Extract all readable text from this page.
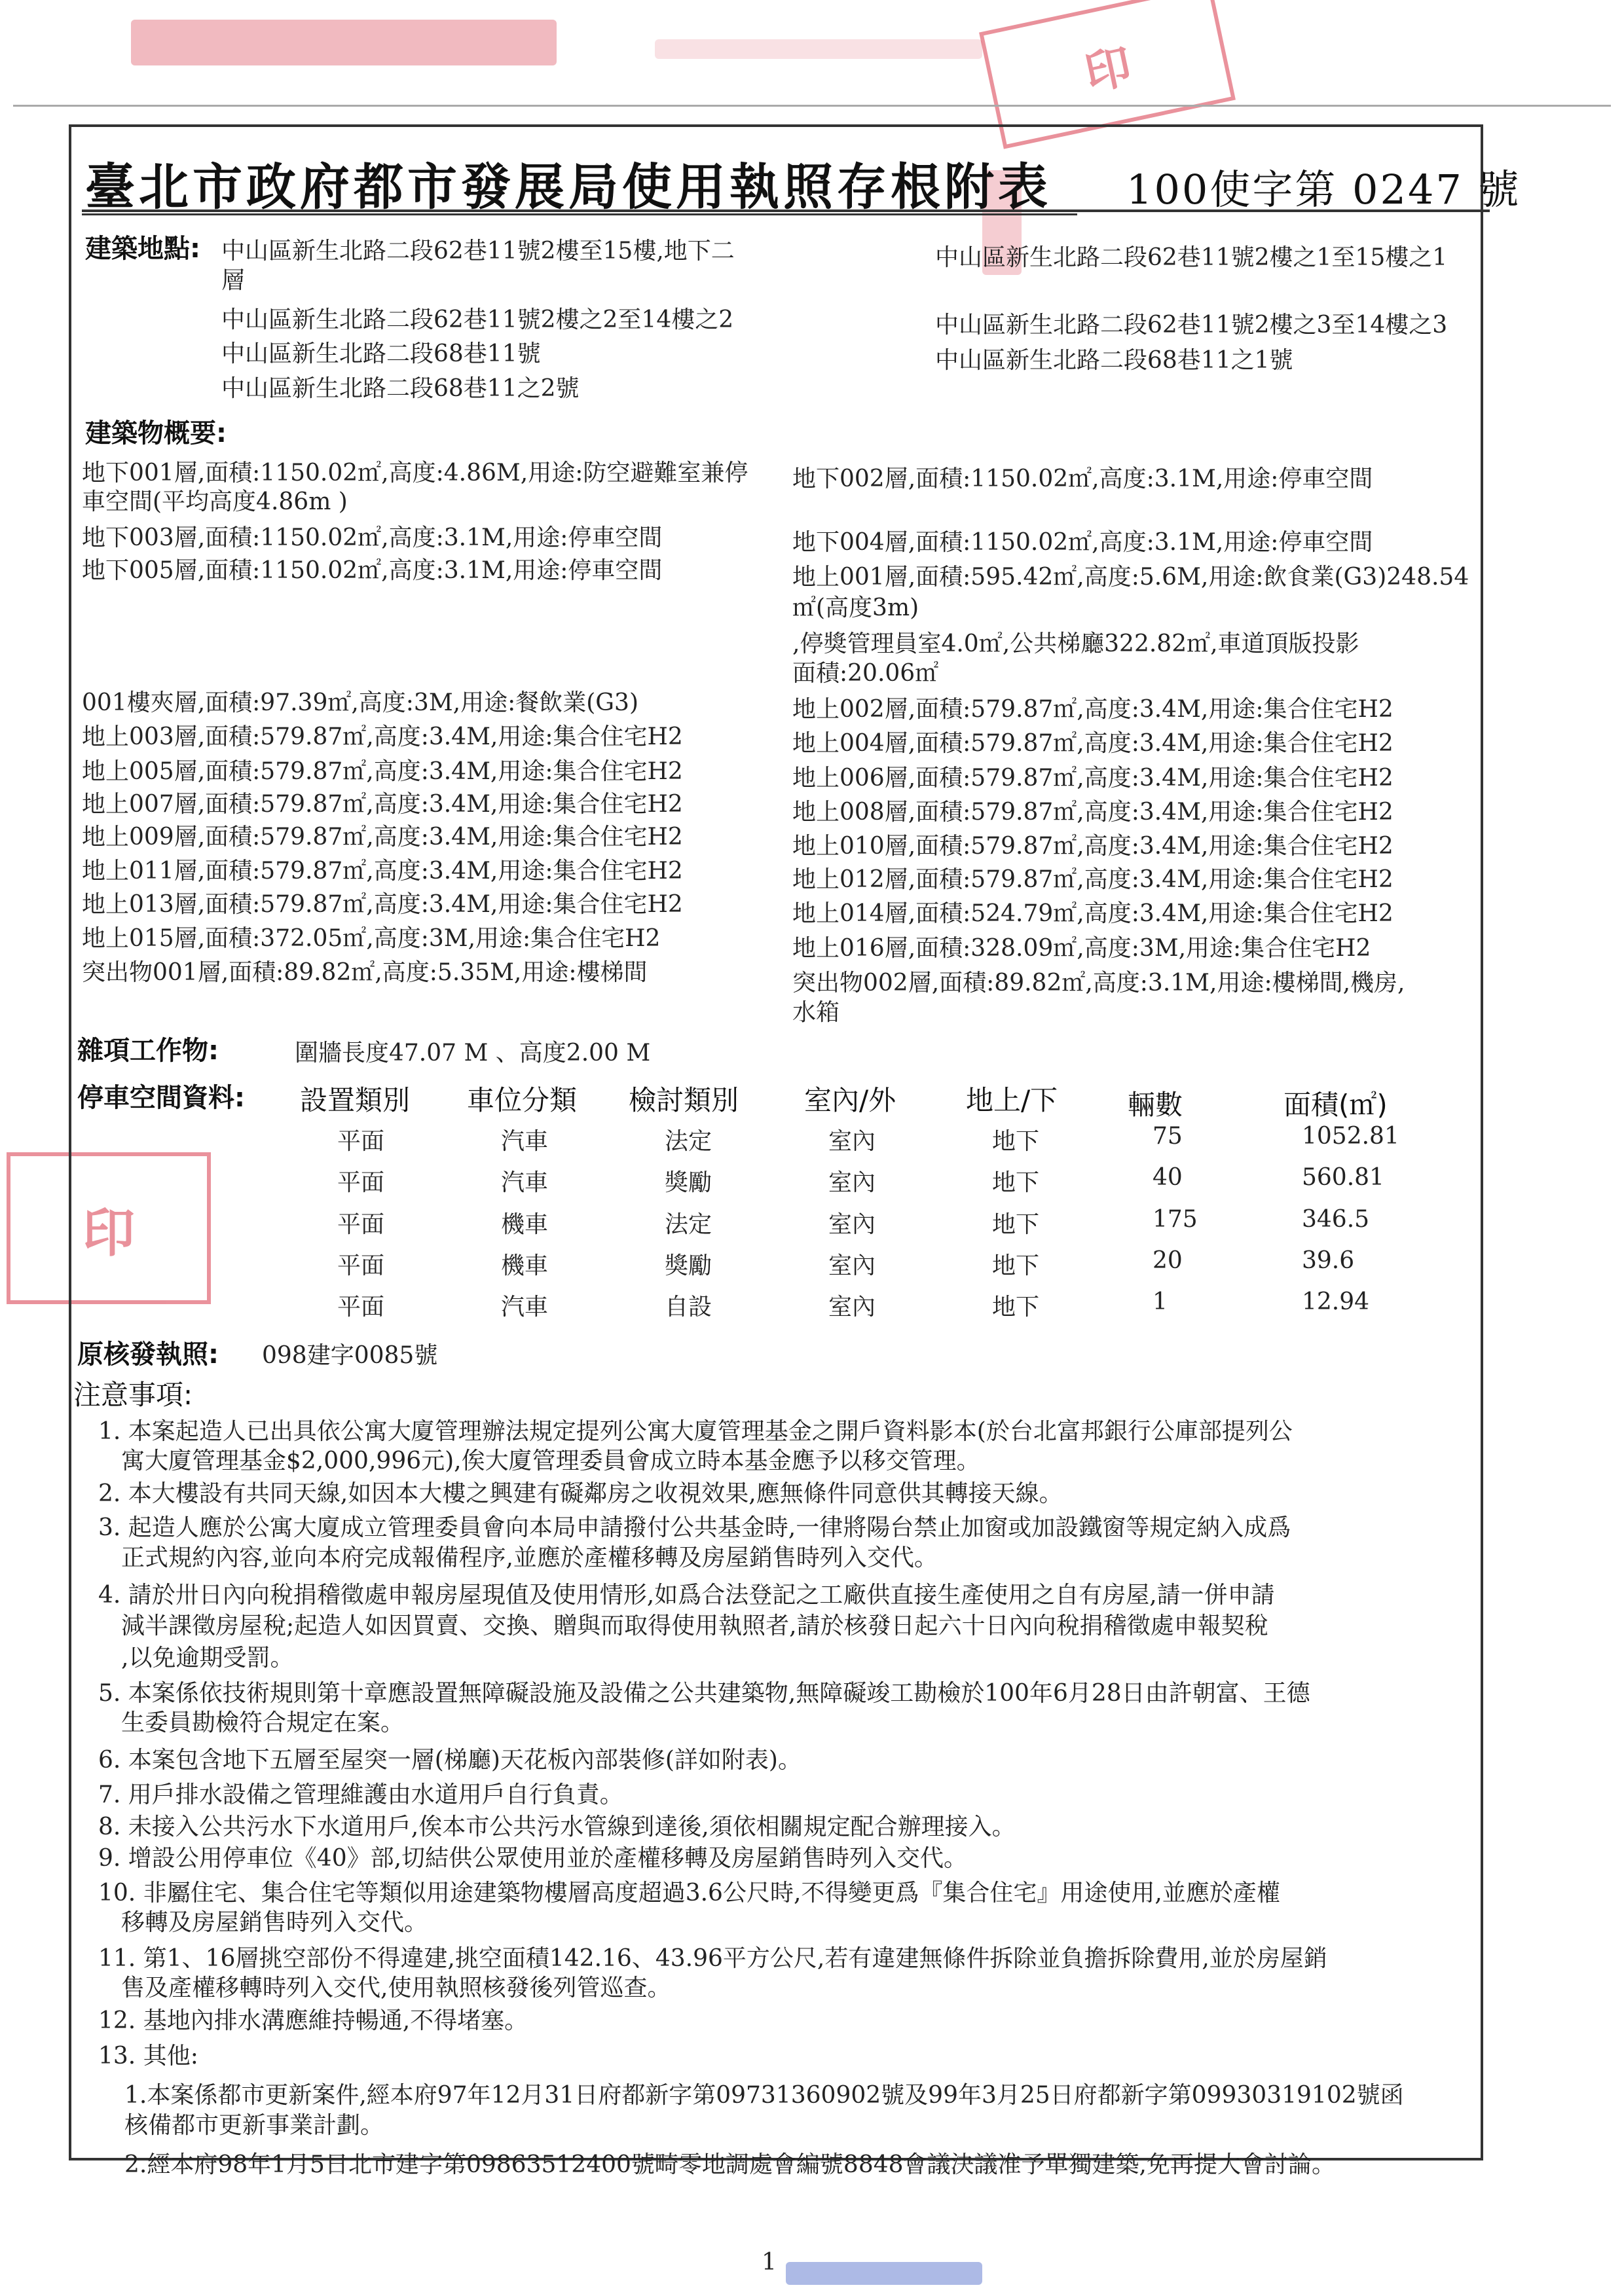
印
印
臺北市政府都市發展局使用執照存根附表 100使字第 0247 號
建築地點: 中山區新生北路二段62巷11號2樓至15樓,地下二
層
中山區新生北路二段62巷11號2樓之2至14樓之2
中山區新生北路二段68巷11號
中山區新生北路二段68巷11之2號
中山區新生北路二段62巷11號2樓之1至15樓之1
中山區新生北路二段62巷11號2樓之3至14樓之3
中山區新生北路二段68巷11之1號
建築物概要:
地下001層,面積:1150.02㎡,高度:4.86M,用途:防空避難室兼停
車空間(平均高度4.86m )
地下003層,面積:1150.02㎡,高度:3.1M,用途:停車空間
地下005層,面積:1150.02㎡,高度:3.1M,用途:停車空間
001樓夾層,面積:97.39㎡,高度:3M,用途:餐飲業(G3)
地上003層,面積:579.87㎡,高度:3.4M,用途:集合住宅H2
地上005層,面積:579.87㎡,高度:3.4M,用途:集合住宅H2
地上007層,面積:579.87㎡,高度:3.4M,用途:集合住宅H2
地上009層,面積:579.87㎡,高度:3.4M,用途:集合住宅H2
地上011層,面積:579.87㎡,高度:3.4M,用途:集合住宅H2
地上013層,面積:579.87㎡,高度:3.4M,用途:集合住宅H2
地上015層,面積:372.05㎡,高度:3M,用途:集合住宅H2
突出物001層,面積:89.82㎡,高度:5.35M,用途:樓梯間
地下002層,面積:1150.02㎡,高度:3.1M,用途:停車空間
地下004層,面積:1150.02㎡,高度:3.1M,用途:停車空間
地上001層,面積:595.42㎡,高度:5.6M,用途:飲食業(G3)248.54
㎡(高度3m)
,停獎管理員室4.0㎡,公共梯廳322.82㎡,車道頂版投影
面積:20.06㎡
地上002層,面積:579.87㎡,高度:3.4M,用途:集合住宅H2
地上004層,面積:579.87㎡,高度:3.4M,用途:集合住宅H2
地上006層,面積:579.87㎡,高度:3.4M,用途:集合住宅H2
地上008層,面積:579.87㎡,高度:3.4M,用途:集合住宅H2
地上010層,面積:579.87㎡,高度:3.4M,用途:集合住宅H2
地上012層,面積:579.87㎡,高度:3.4M,用途:集合住宅H2
地上014層,面積:524.79㎡,高度:3.4M,用途:集合住宅H2
地上016層,面積:328.09㎡,高度:3M,用途:集合住宅H2
突出物002層,面積:89.82㎡,高度:3.1M,用途:樓梯間,機房,
水箱
雜項工作物:	圍牆長度47.07 M 、高度2.00 M
停車空間資料: 設置類別 車位分類 檢討類別 室內/外	地上/下	輛數	面積(㎡)
平面	汽車	法定	室內	地下	75	1052.81
平面	汽車	獎勵	室內	地下	40	560.81
平面	機車	法定	室內	地下	175	346.5
平面	機車	獎勵	室內	地下	20	39.6
平面	汽車	自設	室內	地下	1	12.94
原核發執照: 098建字0085號
注意事項:
1. 本案起造人已出具依公寓大廈管理辦法規定提列公寓大廈管理基金之開戶資料影本(於台北富邦銀行公庫部提列公
寓大廈管理基金$2,000,996元),俟大廈管理委員會成立時本基金應予以移交管理。
2. 本大樓設有共同天線,如因本大樓之興建有礙鄰房之收視效果,應無條件同意供其轉接天線。
3. 起造人應於公寓大廈成立管理委員會向本局申請撥付公共基金時,一律將陽台禁止加窗或加設鐵窗等規定納入成爲
正式規約內容,並向本府完成報備程序,並應於產權移轉及房屋銷售時列入交代。
4. 請於卅日內向稅捐稽徵處申報房屋現值及使用情形,如爲合法登記之工廠供直接生產使用之自有房屋,請一併申請
減半課徵房屋稅;起造人如因買賣、交換、贈與而取得使用執照者,請於核發日起六十日內向稅捐稽徵處申報契稅
,以免逾期受罰。
5. 本案係依技術規則第十章應設置無障礙設施及設備之公共建築物,無障礙竣工勘檢於100年6月28日由許朝富、王德
生委員勘檢符合規定在案。
6. 本案包含地下五層至屋突一層(梯廳)天花板內部裝修(詳如附表)。
7. 用戶排水設備之管理維護由水道用戶自行負責。
8. 未接入公共污水下水道用戶,俟本市公共污水管線到達後,須依相關規定配合辦理接入。
9. 增設公用停車位《40》部,切結供公眾使用並於產權移轉及房屋銷售時列入交代。
10. 非屬住宅、集合住宅等類似用途建築物樓層高度超過3.6公尺時,不得變更爲『集合住宅』用途使用,並應於產權
移轉及房屋銷售時列入交代。
11. 第1、16層挑空部份不得違建,挑空面積142.16、43.96平方公尺,若有違建無條件拆除並負擔拆除費用,並於房屋銷
售及產權移轉時列入交代,使用執照核發後列管巡查。
12. 基地內排水溝應維持暢通,不得堵塞。
13. 其他:
1.本案係都市更新案件,經本府97年12月31日府都新字第09731360902號及99年3月25日府都新字第09930319102號函
核備都市更新事業計劃。
2.經本府98年1月5日北市建字第09863512400號畸零地調處會編號8848會議決議准予單獨建築,免再提大會討論。
1
